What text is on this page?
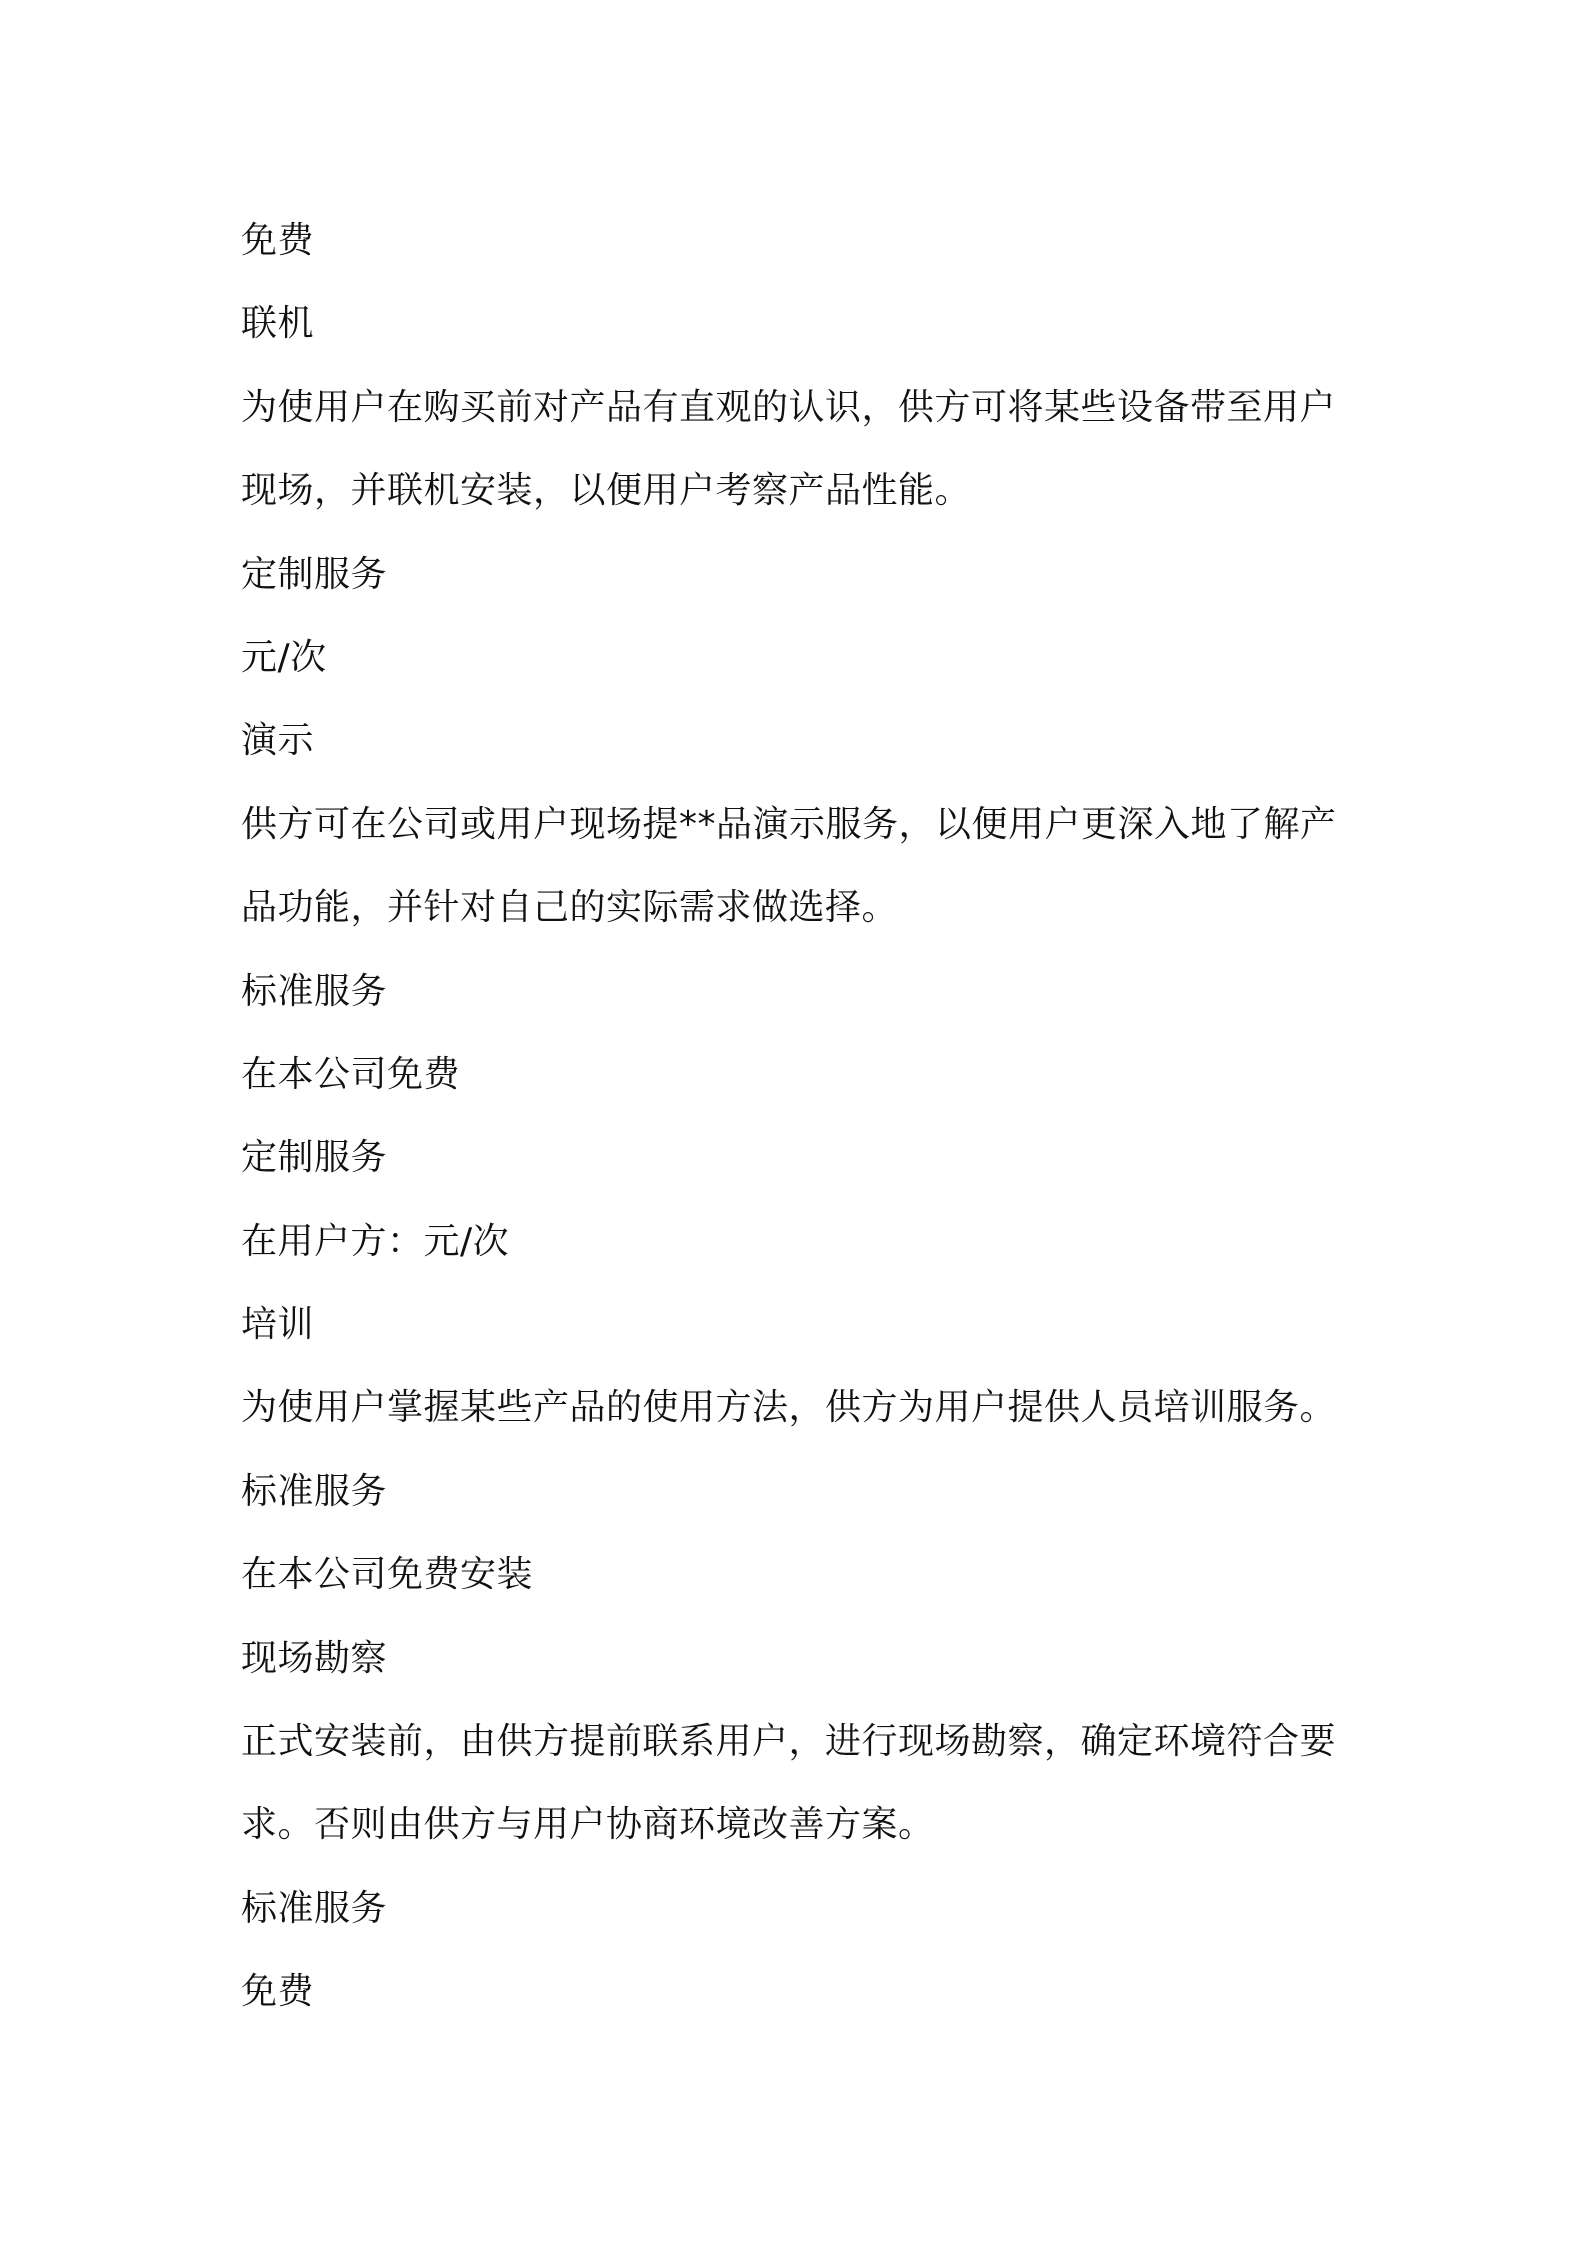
免费

联机

为使用户在购买前对产品有直观的认识，供方可将某些设备带至用户

现场，并联机安装，以便用户考察产品性能。

定制服务

元/次

演示

供方可在公司或用户现场提**品演示服务，以便用户更深入地了解产

品功能，并针对自己的实际需求做选择。

标准服务

在本公司免费

定制服务

在用户方：元/次

培训

为使用户掌握某些产品的使用方法，供方为用户提供人员培训服务。

标准服务

在本公司免费安装

现场勘察

正式安装前，由供方提前联系用户，进行现场勘察，确定环境符合要

求。否则由供方与用户协商环境改善方案。

标准服务

免费
